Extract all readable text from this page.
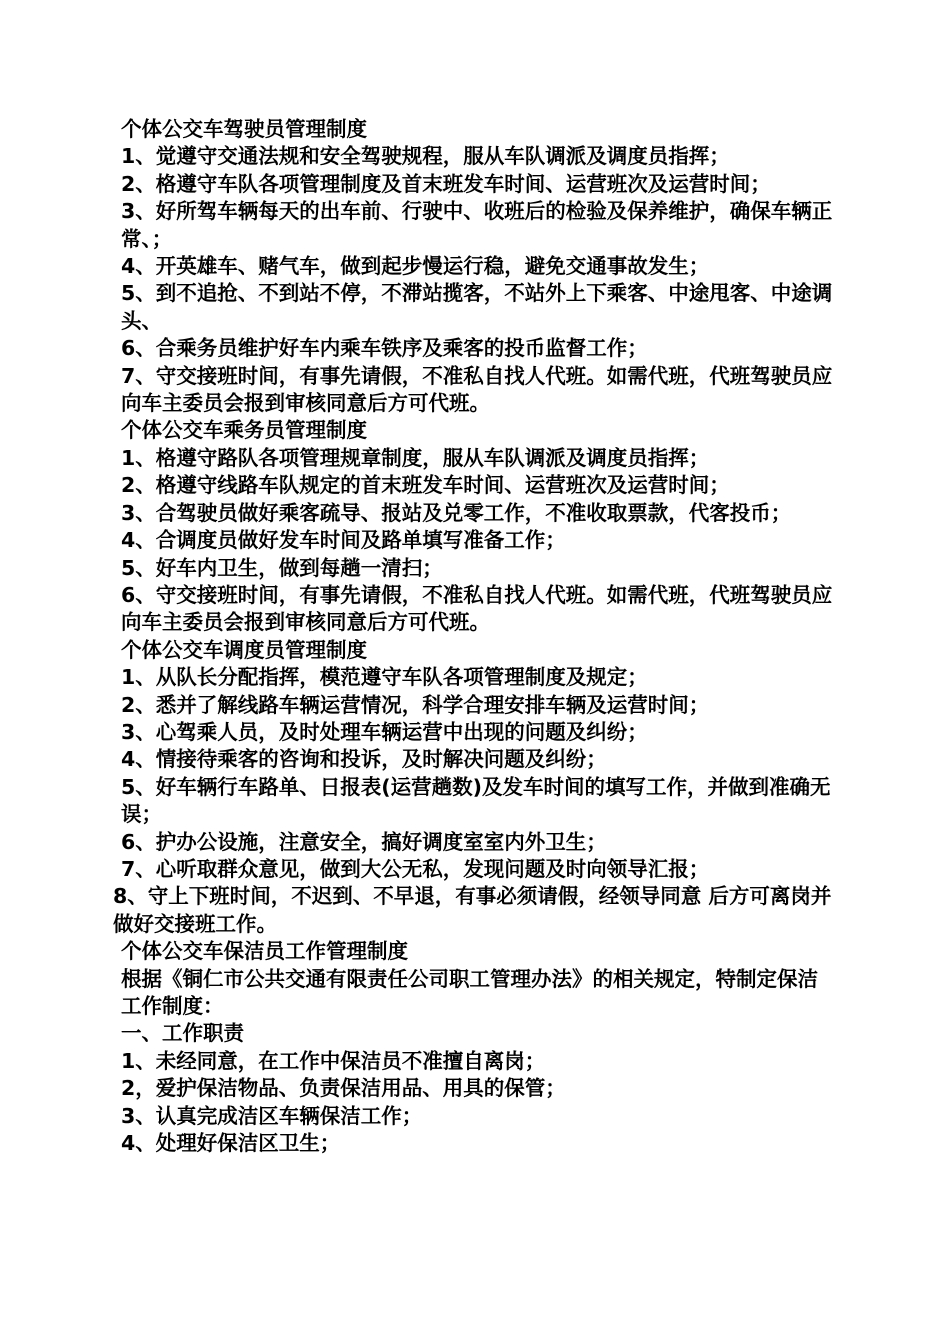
个体公交车驾驶员管理制度

1、觉遵守交通法规和安全驾驶规程，服从车队调派及调度员指挥；

2、格遵守车队各项管理制度及首末班发车时间、运营班次及运营时间；

3、好所驾车辆每天的出车前、行驶中、收班后的检验及保养维护，确保车辆正常、；

4、开英雄车、赌气车，做到起步慢运行稳，避免交通事故发生；

5、到不追抢、不到站不停，不滞站揽客，不站外上下乘客、中途甩客、中途调头、

6、合乘务员维护好车内乘车铁序及乘客的投币监督工作；

7、守交接班时间，有事先请假，不准私自找人代班。如需代班，代班驾驶员应向车主委员会报到审核同意后方可代班。

个体公交车乘务员管理制度

1、格遵守路队各项管理规章制度，服从车队调派及调度员指挥；

2、格遵守线路车队规定的首末班发车时间、运营班次及运营时间；

3、合驾驶员做好乘客疏导、报站及兑零工作，不准收取票款，代客投币；

4、合调度员做好发车时间及路单填写准备工作；

5、好车内卫生，做到每趟一清扫；

6、守交接班时间，有事先请假，不准私自找人代班。如需代班，代班驾驶员应向车主委员会报到审核同意后方可代班。

个体公交车调度员管理制度

1、从队长分配指挥，模范遵守车队各项管理制度及规定；

2、悉并了解线路车辆运营情况，科学合理安排车辆及运营时间；

3、心驾乘人员，及时处理车辆运营中出现的问题及纠纷；

4、情接待乘客的咨询和投诉，及时解决问题及纠纷；

5、好车辆行车路单、日报表(运营趟数)及发车时间的填写工作，并做到准确无误；

6、护办公设施，注意安全，搞好调度室室内外卫生；

7、心听取群众意见，做到大公无私，发现问题及时向领导汇报；

8、守上下班时间，不迟到、不早退，有事必须请假，经领导同意 后方可离岗并做好交接班工作。

个体公交车保洁员工作管理制度

根据《铜仁市公共交通有限责任公司职工管理办法》的相关规定，特制定保洁工作制度：

一、工作职责

1、未经同意，在工作中保洁员不准擅自离岗；

2，爱护保洁物品、负责保洁用品、用具的保管；

3、认真完成洁区车辆保洁工作；

4、处理好保洁区卫生；
